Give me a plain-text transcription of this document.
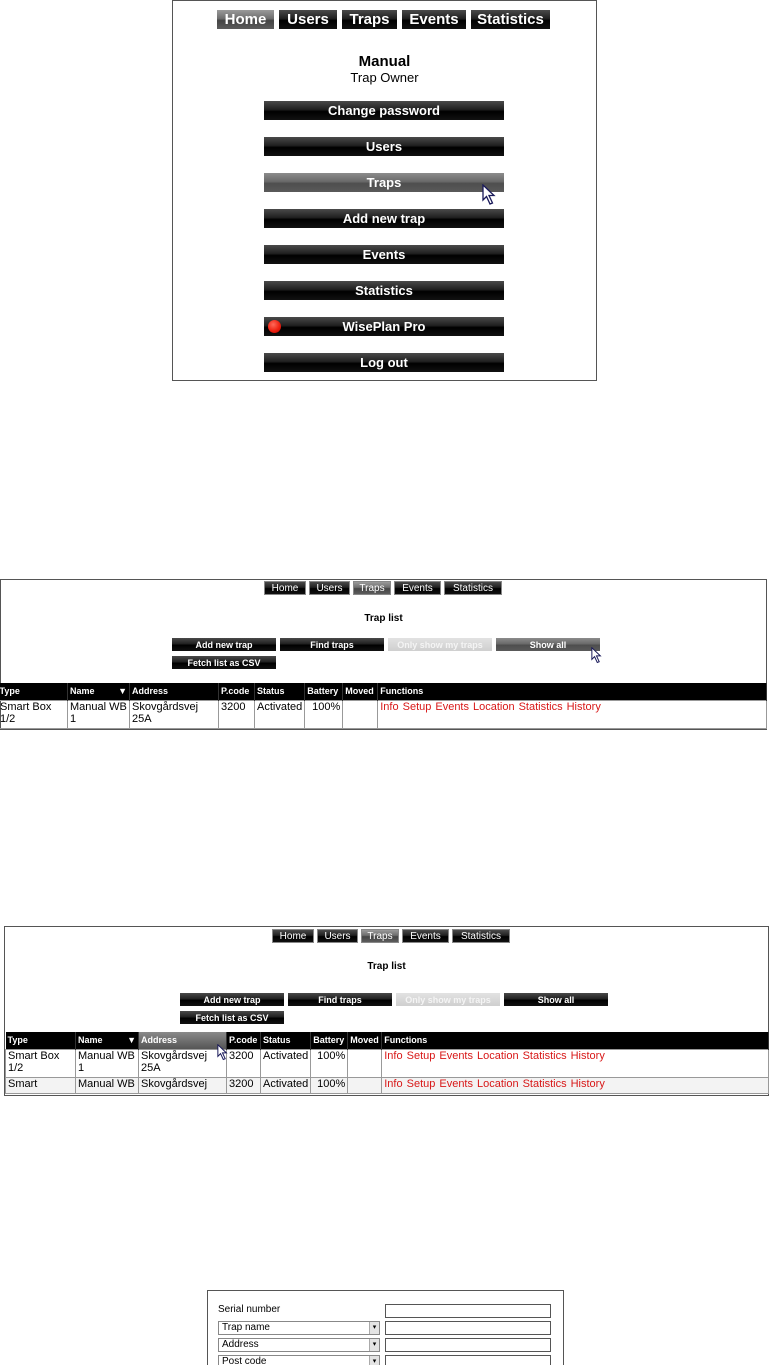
Home	Users	Traps	Events	Statistics
Manual
Trap Owner
Change password
Users
Traps
Add new trap
Events
Statistics
WisePlan Pro
Log out
Home	Users	Traps	Events	Statistics
Trap list
Add new trap	Find traps	Only show my traps	Show all
Fetch list as CSV
Type	Name ▼	Address	P.code	Status	Battery	Moved	Functions
Smart Box 1/2	Manual WB 1	Skovgårdsvej 25A	3200	Activated	100%		Info Setup Events Location Statistics History
Home	Users	Traps	Events	Statistics
Trap list
Add new trap	Find traps	Only show my traps	Show all
Fetch list as CSV
Type	Name ▼	Address	P.code	Status	Battery	Moved	Functions
Smart Box 1/2	Manual WB 1	Skovgårdsvej 25A	3200	Activated	100%		Info Setup Events Location Statistics History
Smart	Manual WB	Skovgårdsvej	3200	Activated	100%		Info Setup Events Location Statistics History
Serial number
Trap name	▾
Address	▾
Post code	▾
